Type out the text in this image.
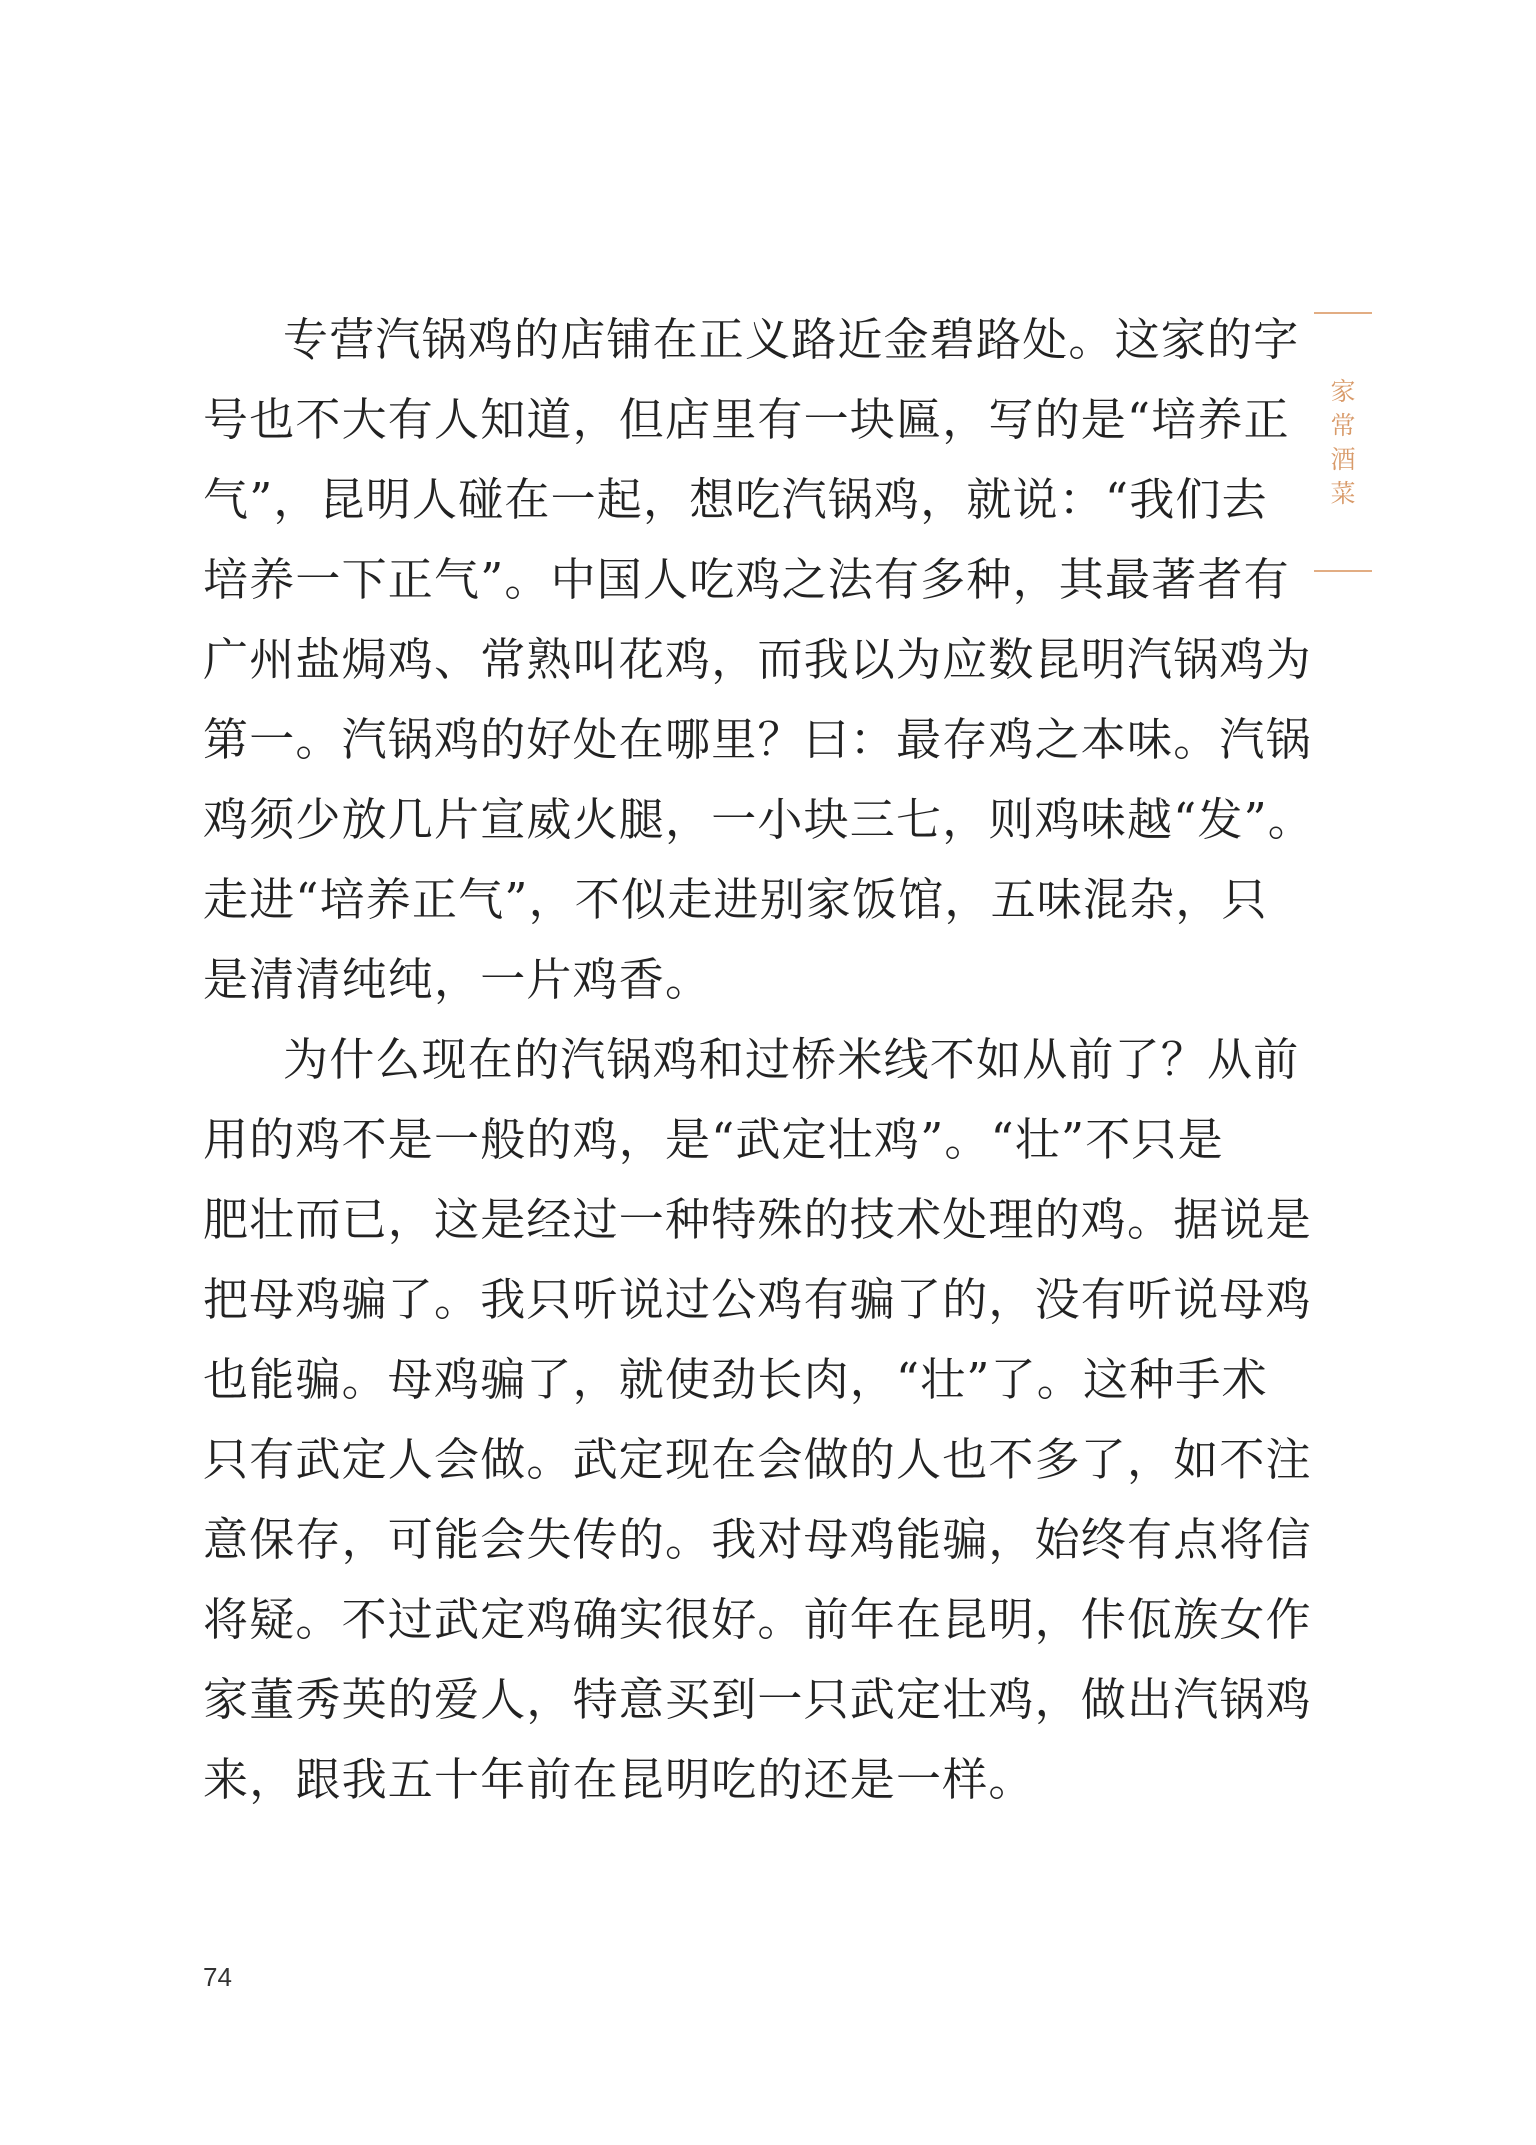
家
常
酒
菜
专营汽锅鸡的店铺在正义路近金碧路处。这家的字
号也不大有人知道，但店里有一块匾，写的是“培养正
气”，昆明人碰在一起，想吃汽锅鸡，就说：“我们去
培养一下正气”。中国人吃鸡之法有多种，其最著者有
广州盐焗鸡、常熟叫花鸡，而我以为应数昆明汽锅鸡为
第一。汽锅鸡的好处在哪里？曰：最存鸡之本味。汽锅
鸡须少放几片宣威火腿，一小块三七，则鸡味越“发”。
走进“培养正气”，不似走进别家饭馆，五味混杂，只
是清清纯纯，一片鸡香。
为什么现在的汽锅鸡和过桥米线不如从前了？从前
用的鸡不是一般的鸡，是“武定壮鸡”。“壮”不只是
肥壮而已，这是经过一种特殊的技术处理的鸡。据说是
把母鸡骗了。我只听说过公鸡有骗了的，没有听说母鸡
也能骗。母鸡骗了，就使劲长肉，“壮”了。这种手术
只有武定人会做。武定现在会做的人也不多了，如不注
意保存，可能会失传的。我对母鸡能骗，始终有点将信
将疑。不过武定鸡确实很好。前年在昆明，佧佤族女作
家董秀英的爱人，特意买到一只武定壮鸡，做出汽锅鸡
来，跟我五十年前在昆明吃的还是一样。
74
